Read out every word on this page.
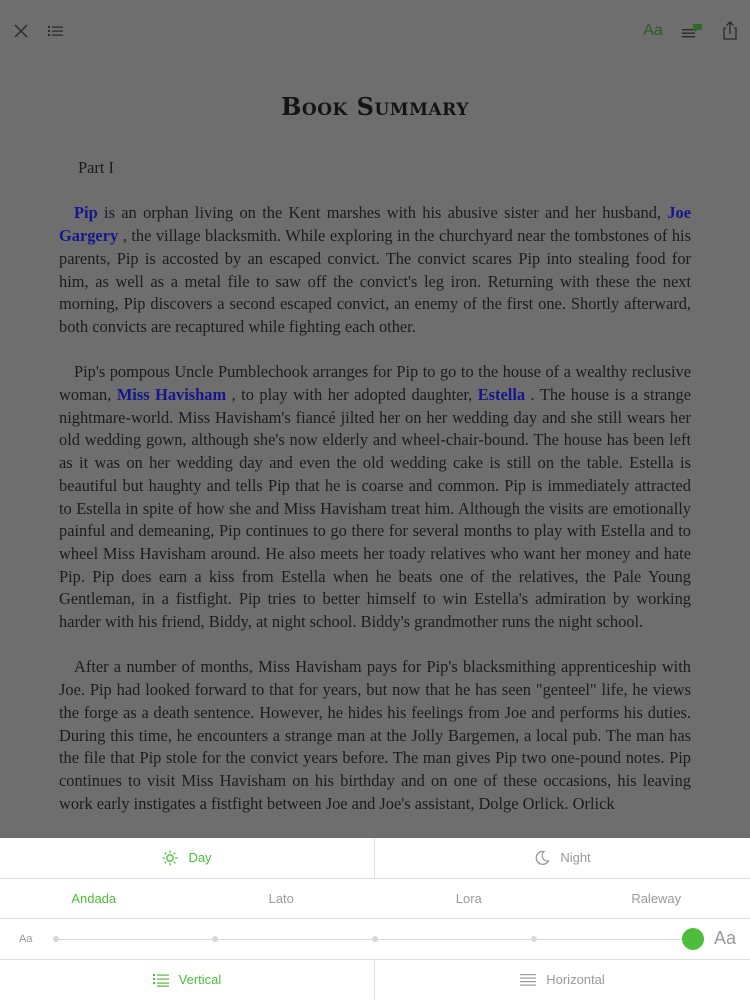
Aa
Book Summary
Part I

Pip is an orphan living on the Kent marshes with his abusive sister and her husband, Joe Gargery , the village blacksmith. While exploring in the churchyard near the tombstones of his parents, Pip is accosted by an escaped convict. The convict scares Pip into stealing food for him, as well as a metal file to saw off the convict's leg iron. Returning with these the next morning, Pip discovers a second escaped convict, an enemy of the first one. Shortly afterward, both convicts are recaptured while fighting each other.

Pip's pompous Uncle Pumblechook arranges for Pip to go to the house of a wealthy reclusive woman, Miss Havisham , to play with her adopted daughter, Estella . The house is a strange nightmare-world. Miss Havisham's fiancé jilted her on her wedding day and she still wears her old wedding gown, although she's now elderly and wheel-chair-bound. The house has been left as it was on her wedding day and even the old wedding cake is still on the table. Estella is beautiful but haughty and tells Pip that he is coarse and common. Pip is immediately attracted to Estella in spite of how she and Miss Havisham treat him. Although the visits are emotionally painful and demeaning, Pip continues to go there for several months to play with Estella and to wheel Miss Havisham around. He also meets her toady relatives who want her money and hate Pip. Pip does earn a kiss from Estella when he beats one of the relatives, the Pale Young Gentleman, in a fistfight. Pip tries to better himself to win Estella's admiration by working harder with his friend, Biddy, at night school. Biddy's grandmother runs the night school.

After a number of months, Miss Havisham pays for Pip's blacksmithing apprenticeship with Joe. Pip had looked forward to that for years, but now that he has seen "genteel" life, he views the forge as a death sentence. However, he hides his feelings from Joe and performs his duties. During this time, he encounters a strange man at the Jolly Bargemen, a local pub. The man has the file that Pip stole for the convict years before. The man gives Pip two one-pound notes. Pip continues to visit Miss Havisham on his birthday and on one of these occasions, his leaving work early instigates a fistfight between Joe and Joe's assistant, Dolge Orlick. Orlick

Day	Night
Andada	Lato	Lora	Raleway
Aa	Aa
Vertical	Horizontal
